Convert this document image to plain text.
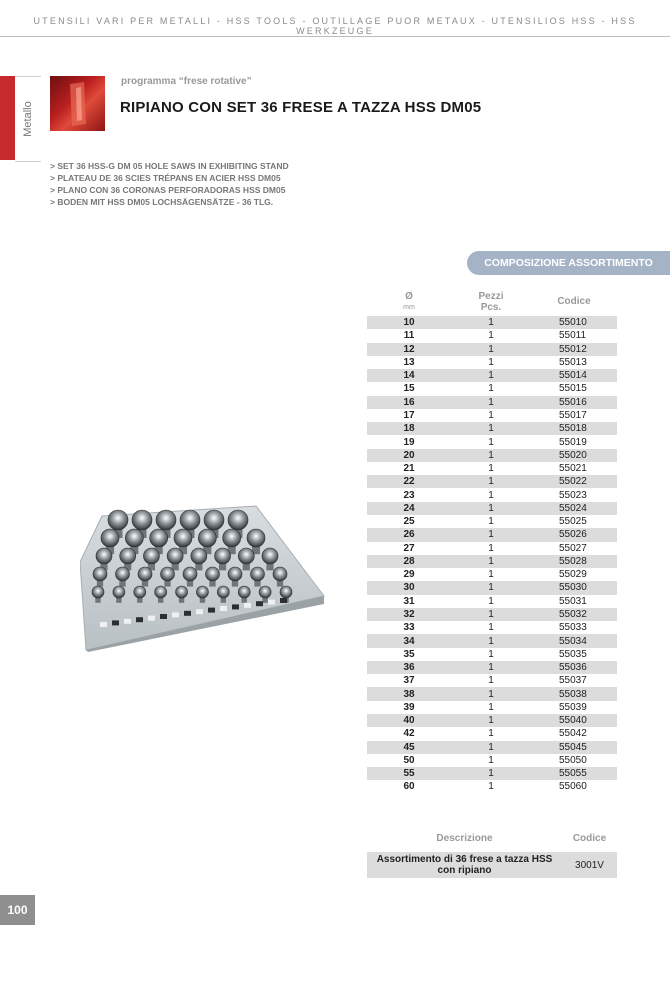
UTENSILI VARI PER METALLI - HSS TOOLS - OUTILLAGE PUOR METAUX - UTENSILIOS HSS - HSS WERKZEUGE
Metallo
programma “frese rotative”
RIPIANO CON SET 36 FRESE A TAZZA HSS DM05
> SET 36 HSS-G DM 05 HOLE SAWS IN EXHIBITING STAND
> PLATEAU DE 36 SCIES TRÉPANS EN ACIER HSS DM05
> PLANO CON 36 CORONAS PERFORADORAS HSS DM05
> BODEN MIT HSS DM05 LOCHSÄGENSÄTZE - 36 TLG.
COMPOSIZIONE ASSORTIMENTO
Ø
mm	Pezzi
Pcs.	Codice
10	1	55010
11	1	55011
12	1	55012
13	1	55013
14	1	55014
15	1	55015
16	1	55016
17	1	55017
18	1	55018
19	1	55019
20	1	55020
21	1	55021
22	1	55022
23	1	55023
24	1	55024
25	1	55025
26	1	55026
27	1	55027
28	1	55028
29	1	55029
30	1	55030
31	1	55031
32	1	55032
33	1	55033
34	1	55034
35	1	55035
36	1	55036
37	1	55037
38	1	55038
39	1	55039
40	1	55040
42	1	55042
45	1	55045
50	1	55050
55	1	55055
60	1	55060
Descrizione	Codice
Assortimento di 36 frese a tazza HSS
con ripiano	3001V
100
